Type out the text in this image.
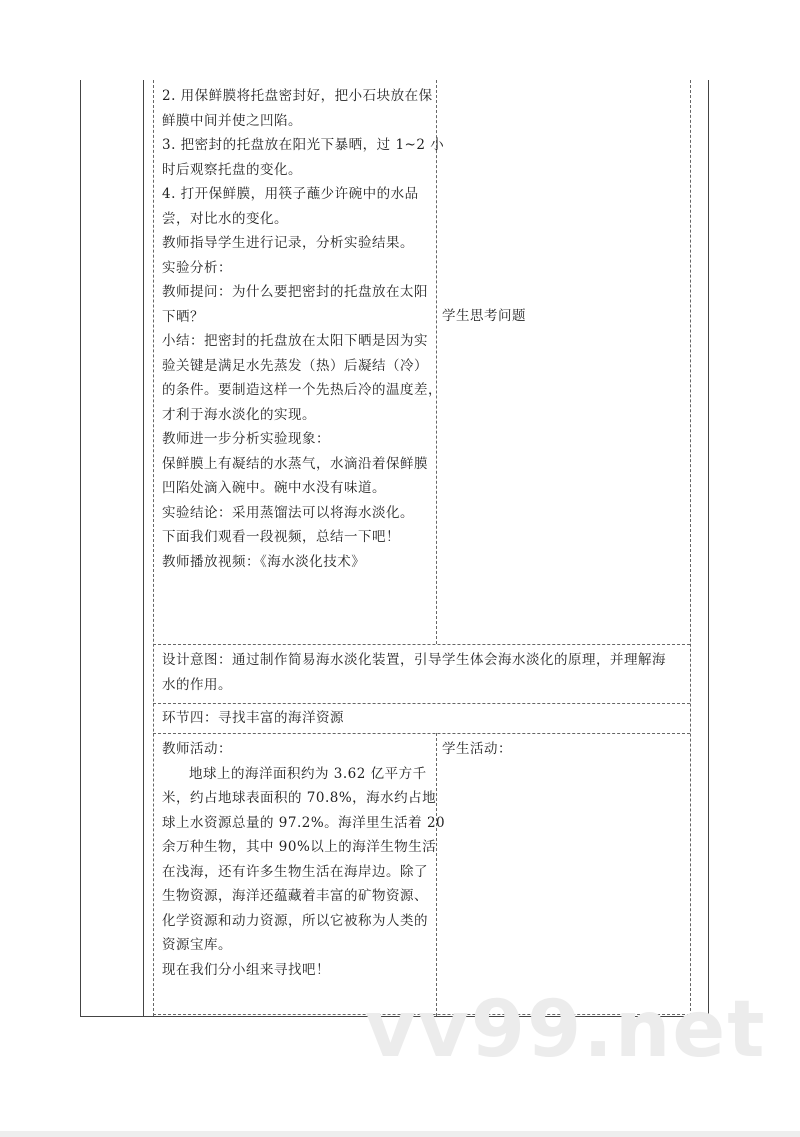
2. 用保鲜膜将托盘密封好，把小石块放在保

鲜膜中间并使之凹陷。

3. 把密封的托盘放在阳光下暴晒，过 1~2 小

时后观察托盘的变化。

4. 打开保鲜膜，用筷子蘸少许碗中的水品

尝，对比水的变化。

教师指导学生进行记录，分析实验结果。

实验分析：

教师提问：为什么要把密封的托盘放在太阳

下晒？

小结：把密封的托盘放在太阳下晒是因为实

验关键是满足水先蒸发（热）后凝结（冷）

的条件。要制造这样一个先热后冷的温度差，

才利于海水淡化的实现。

教师进一步分析实验现象：

保鲜膜上有凝结的水蒸气，水滴沿着保鲜膜

凹陷处滴入碗中。碗中水没有味道。

实验结论：采用蒸馏法可以将海水淡化。

下面我们观看一段视频，总结一下吧！

教师播放视频：《海水淡化技术》

学生思考问题

设计意图：通过制作简易海水淡化装置，引导学生体会海水淡化的原理，并理解海

水的作用。

环节四：寻找丰富的海洋资源

教师活动：

地球上的海洋面积约为 3.62 亿平方千

米，约占地球表面积的 70.8%，海水约占地

球上水资源总量的 97.2%。海洋里生活着 20

余万种生物，其中 90%以上的海洋生物生活

在浅海，还有许多生物生活在海岸边。除了

生物资源，海洋还蕴藏着丰富的矿物资源、

化学资源和动力资源，所以它被称为人类的

资源宝库。

现在我们分小组来寻找吧！

学生活动：

vv99.net
